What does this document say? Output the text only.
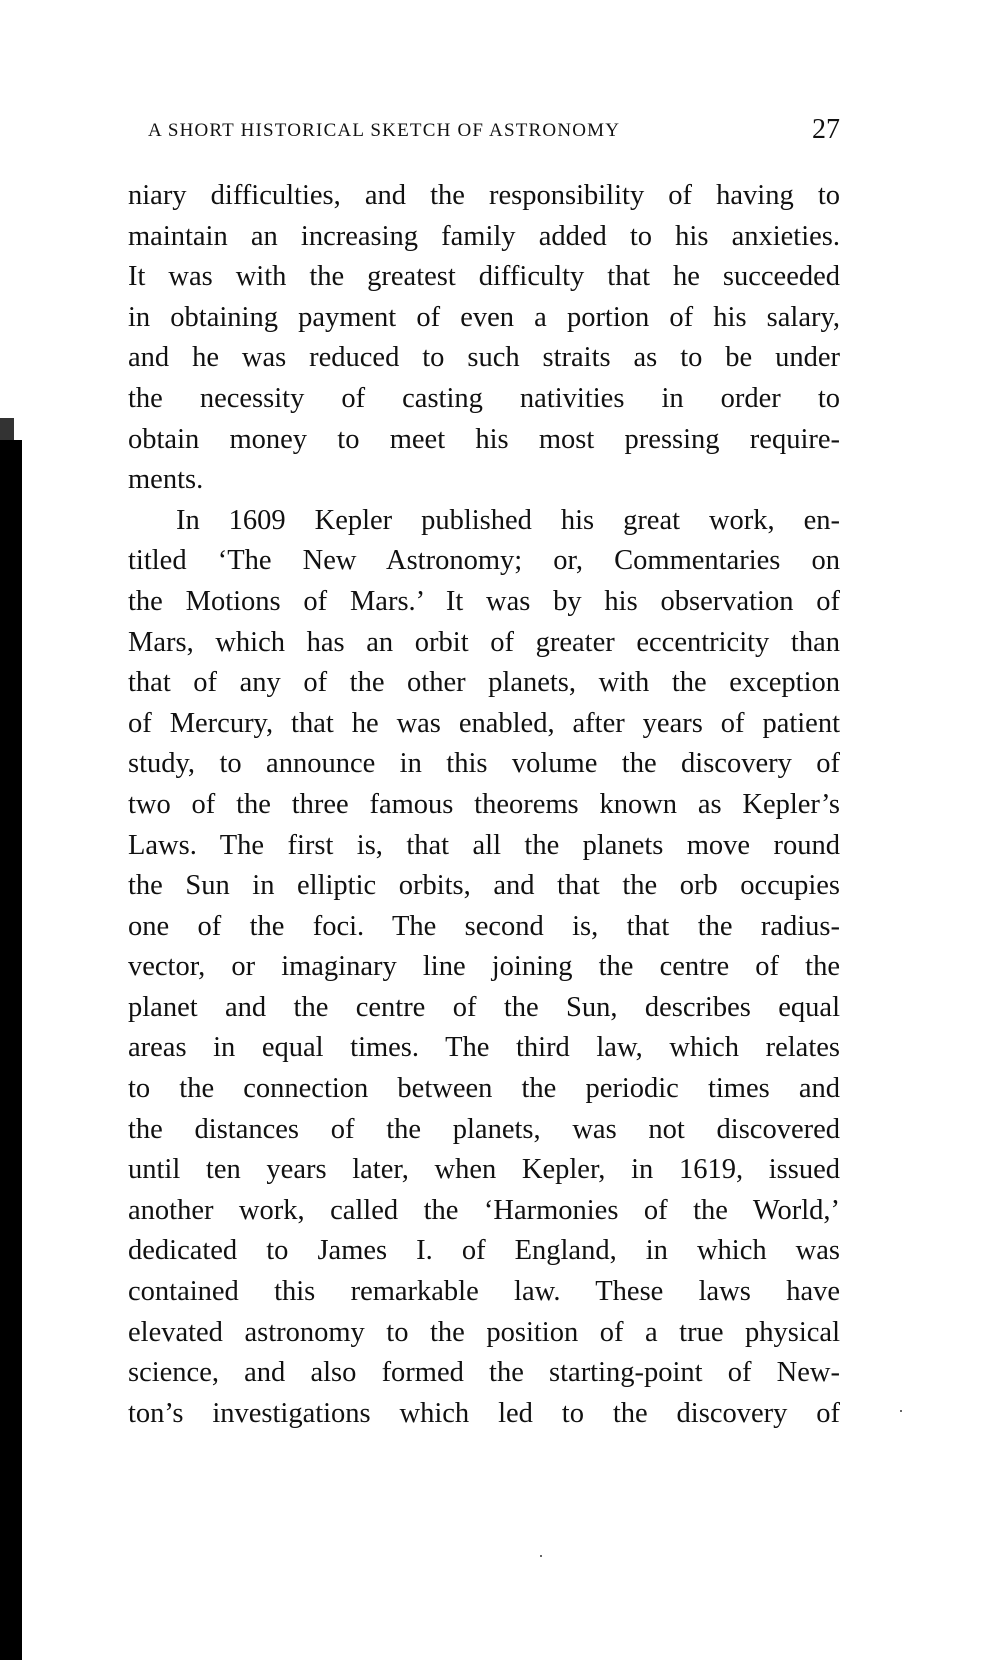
A SHORT HISTORICAL SKETCH OF ASTRONOMY	27
niary difficulties, and the responsibility of having to
maintain an increasing family added to his anxieties.
It was with the greatest difficulty that he succeeded
in obtaining payment of even a portion of his salary,
and he was reduced to such straits as to be under
the necessity of casting nativities in order to
obtain money to meet his most pressing require-
ments.
In 1609 Kepler published his great work, en-
titled ‘The New Astronomy; or, Commentaries on
the Motions of Mars.’ It was by his observation of
Mars, which has an orbit of greater eccentricity than
that of any of the other planets, with the exception
of Mercury, that he was enabled, after years of patient
study, to announce in this volume the discovery of
two of the three famous theorems known as Kepler’s
Laws. The first is, that all the planets move round
the Sun in elliptic orbits, and that the orb occupies
one of the foci. The second is, that the radius-
vector, or imaginary line joining the centre of the
planet and the centre of the Sun, describes equal
areas in equal times. The third law, which relates
to the connection between the periodic times and
the distances of the planets, was not discovered
until ten years later, when Kepler, in 1619, issued
another work, called the ‘Harmonies of the World,’
dedicated to James I. of England, in which was
contained this remarkable law. These laws have
elevated astronomy to the position of a true physical
science, and also formed the starting-point of New-
ton’s investigations which led to the discovery of
